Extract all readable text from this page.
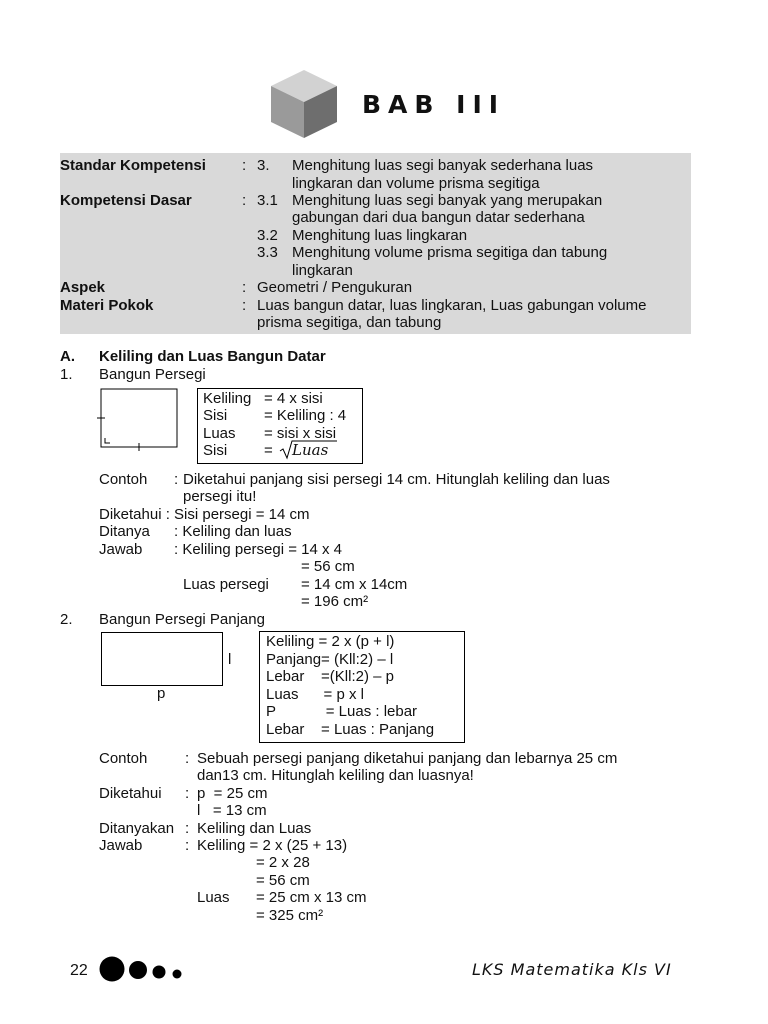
BAB III
Standar Kompetensi : 3. Menghitung luas segi banyak sederhana luas
lingkaran dan volume prisma segitiga
Kompetensi Dasar	: 3.1 Menghitung luas segi banyak yang merupakan
gabungan dari dua bangun datar sederhana
3.2 Menghitung luas lingkaran
3.3 Menghitung volume prisma segitiga dan tabung
lingkaran
Aspek	: Geometri / Pengukuran
Materi Pokok	: Luas bangun datar, luas lingkaran, Luas gabungan volume
prisma segitiga, dan tabung
A. Keliling dan Luas Bangun Datar
1. Bangun Persegi
Keliling = 4 x sisi
Sisi = Keliling : 4
Luas = sisi x sisi
Sisi = Luas
Contoh : Diketahui panjang sisi persegi 14 cm. Hitunglah keliling dan luas
persegi itu!
Diketahui : Sisi persegi = 14 cm
Ditanya : Keliling dan luas
Jawab : Keliling persegi = 14 x 4
= 56 cm
Luas persegi = 14 cm x 14cm
= 196 cm²
2. Bangun Persegi Panjang
l
p
Keliling = 2 x (p + l)
Panjang= (Kll:2) – l
Lebar    =(Kll:2) – p
Luas      = p x l
P            = Luas : lebar
Lebar    = Luas : Panjang
Contoh	: Sebuah persegi panjang diketahui panjang dan lebarnya 25 cm
dan13 cm. Hitunglah keliling dan luasnya!
Diketahui : p  = 25 cm
l   = 13 cm
Ditanyakan : Keliling dan Luas
Jawab	: Keliling = 2 x (25 + 13)
= 2 x 28
= 56 cm
Luas = 25 cm x 13 cm
= 325 cm²
22	LKS Matematika Kls VI
